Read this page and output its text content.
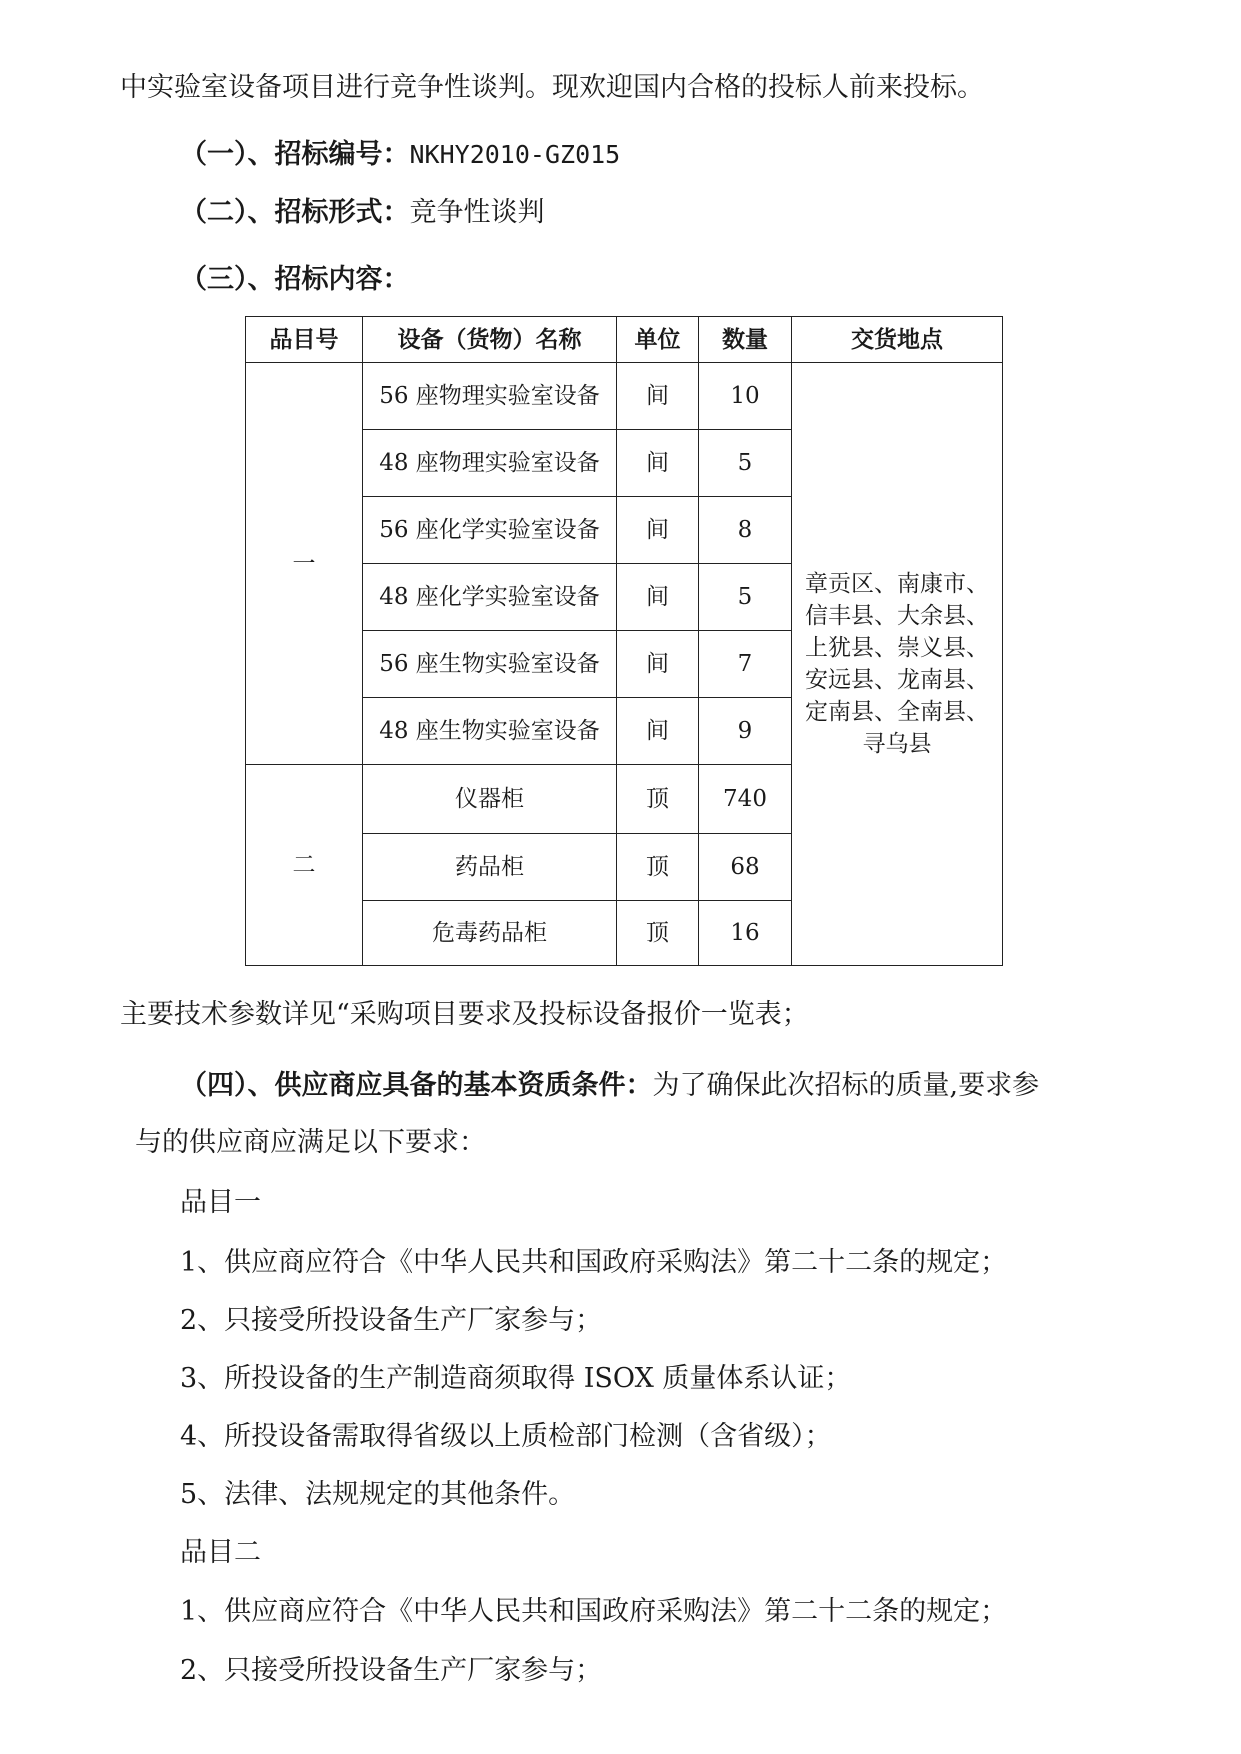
中实验室设备项目进行竞争性谈判。现欢迎国内合格的投标人前来投标。
（一）、招标编号：NKHY2010-GZ015
（二）、招标形式：竞争性谈判
（三）、招标内容：
品目号	设备（货物）名称	单位	数量	交货地点
一	56 座物理实验室设备	间	10	章贡区、南康市、信丰县、大余县、上犹县、崇义县、安远县、龙南县、定南县、全南县、寻乌县

	48 座物理实验室设备	间	5	

	56 座化学实验室设备	间	8	

	48 座化学实验室设备	间	5	

	56 座生物实验室设备	间	7	

	48 座生物实验室设备	间	9	
二	仪器柜	顶	740	
	药品柜	顶	68	
	危毒药品柜	顶	16	
主要技术参数详见“采购项目要求及投标设备报价一览表；
（四）、供应商应具备的基本资质条件：为了确保此次招标的质量,要求参
与的供应商应满足以下要求：
品目一
1、供应商应符合《中华人民共和国政府采购法》第二十二条的规定；
2、只接受所投设备生产厂家参与；
3、所投设备的生产制造商须取得 ISOX 质量体系认证；
4、所投设备需取得省级以上质检部门检测（含省级）；
5、法律、法规规定的其他条件。
品目二
1、供应商应符合《中华人民共和国政府采购法》第二十二条的规定；
2、只接受所投设备生产厂家参与；
